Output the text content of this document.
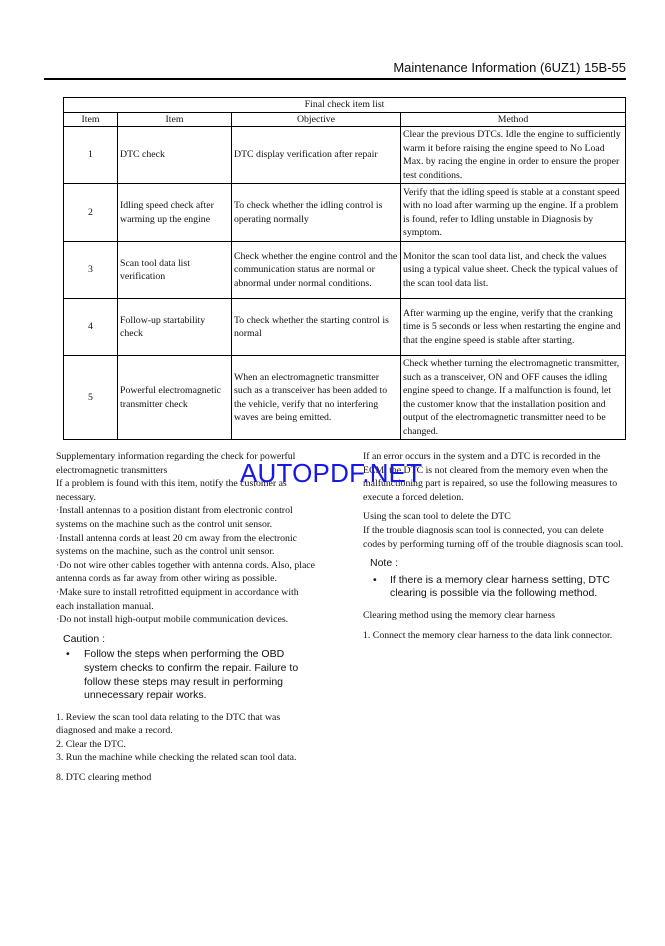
Maintenance Information (6UZ1) 15B-55
Final check item list			
Item	Item	Objective	Method
1	DTC check	DTC display verification after repair	Clear the previous DTCs. Idle the engine to sufficiently warm it before raising the engine speed to No Load Max. by racing the engine in order to ensure the proper test conditions.
2	Idling speed check after warming up the engine	To check whether the idling control is operating normally	Verify that the idling speed is stable at a constant speed with no load after warming up the engine. If a problem is found, refer to Idling unstable in Diagnosis by symptom.
3	Scan tool data list verification	Check whether the engine control and the communication status are normal or abnormal under normal conditions.	Monitor the scan tool data list, and check the values using a typical value sheet. Check the typical values of the scan tool data list.
4	Follow-up startability check	To check whether the starting control is normal	After warming up the engine, verify that the cranking time is 5 seconds or less when restarting the engine and that the engine speed is stable after starting.
5	Powerful electromagnetic transmitter check	When an electromagnetic transmitter such as a transceiver has been added to the vehicle, verify that no interfering waves are being emitted.	Check whether turning the electromagnetic transmitter, such as a transceiver, ON and OFF causes the idling engine speed to change. If a malfunction is found, let the customer know that the installation position and output of the electromagnetic transmitter need to be changed.

Supplementary information regarding the check for powerful electromagnetic transmitters

If a problem is found with this item, notify the customer as necessary.

·Install antennas to a position distant from electronic control systems on the machine such as the control unit sensor.

·Install antenna cords at least 20 cm away from the electronic systems on the machine, such as the control unit sensor.

·Do not wire other cables together with antenna cords. Also, place antenna cords as far away from other wiring as possible.

·Make sure to install retrofitted equipment in accordance with each installation manual.

·Do not install high-output mobile communication devices.

Caution :

• Follow the steps when performing the OBD system checks to confirm the repair. Failure to follow these steps may result in performing unnecessary repair works.

1. Review the scan tool data relating to the DTC that was diagnosed and make a record.

2. Clear the DTC.

3. Run the machine while checking the related scan tool data.

8. DTC clearing method

If an error occurs in the system and a DTC is recorded in the ECM, the DTC is not cleared from the memory even when the malfunctioning part is repaired, so use the following measures to execute a forced deletion.

Using the scan tool to delete the DTC

If the trouble diagnosis scan tool is connected, you can delete codes by performing turning off of the trouble diagnosis scan tool.

Note :

• If there is a memory clear harness setting, DTC clearing is possible via the following method.

Clearing method using the memory clear harness

1. Connect the memory clear harness to the data link connector.

AUTOPDF.NET
